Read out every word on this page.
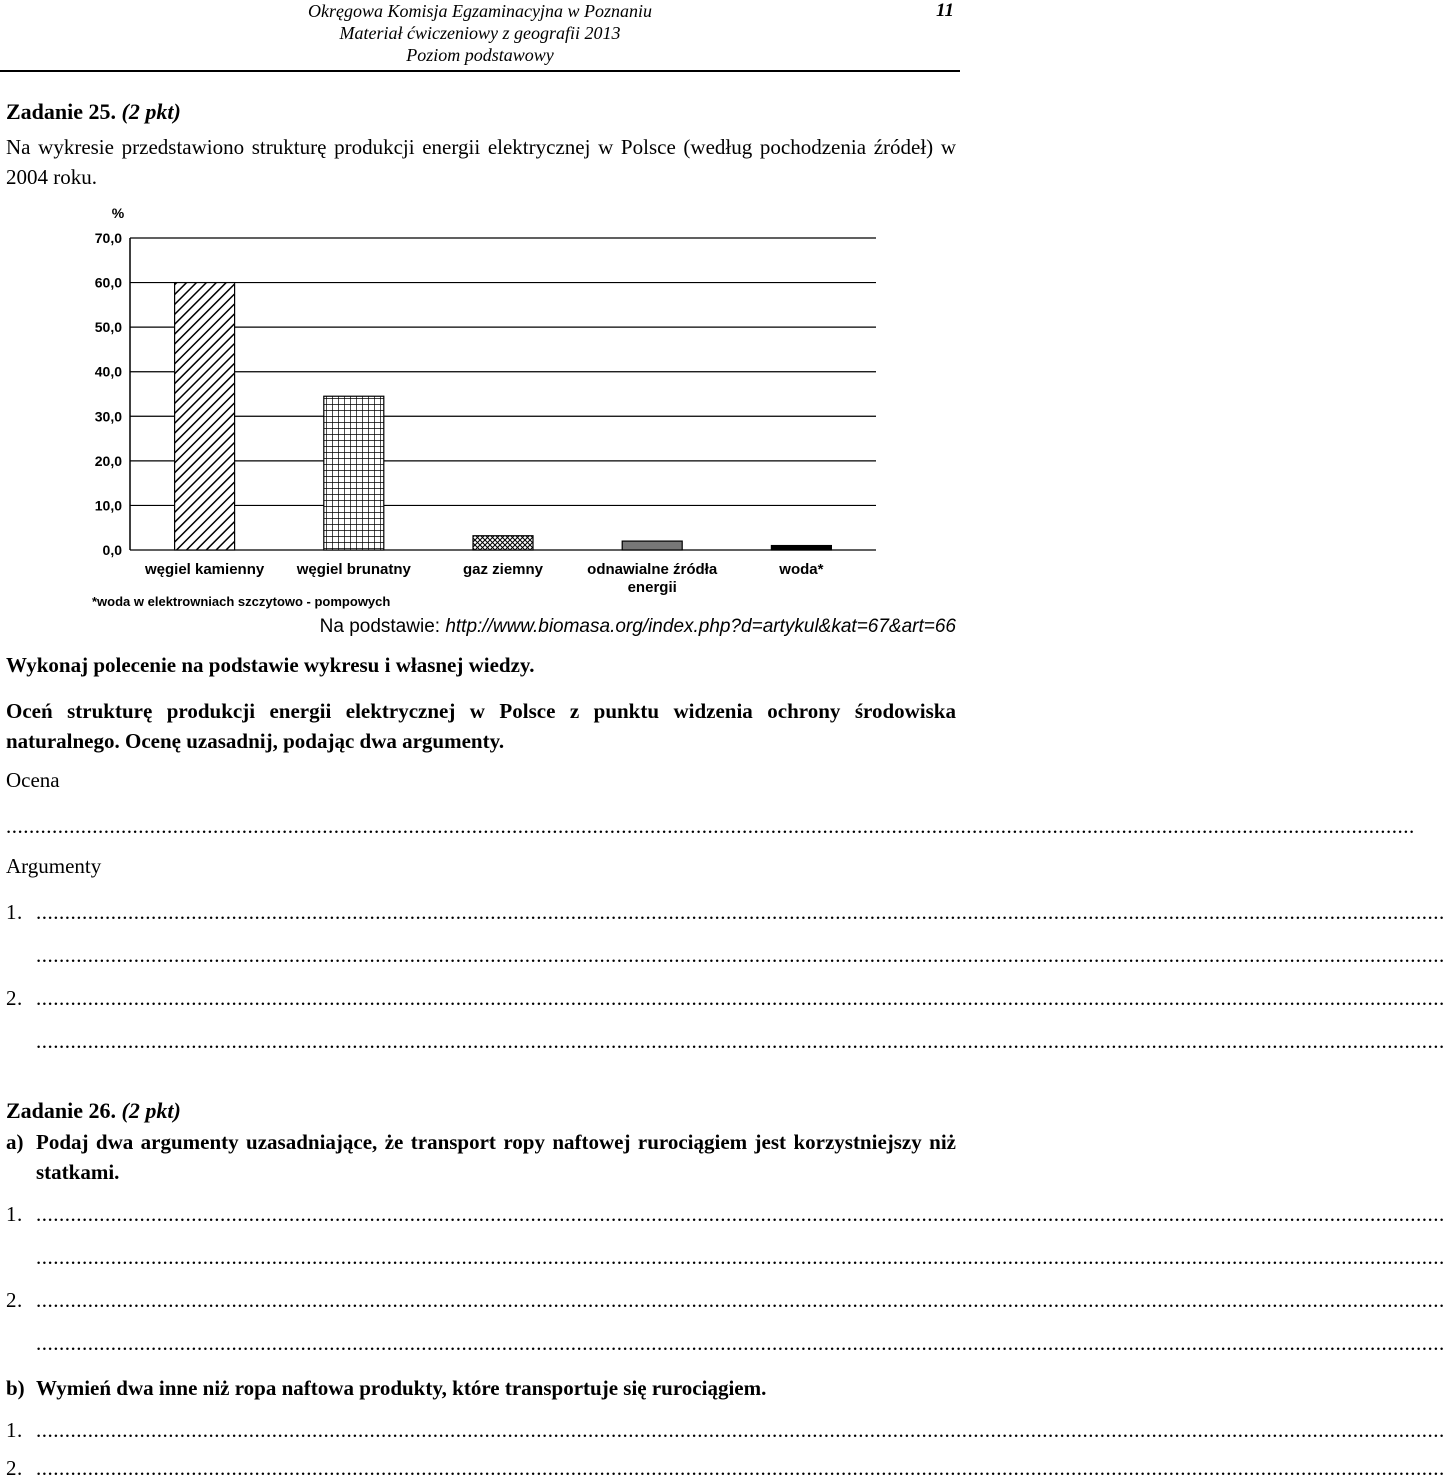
Okręgowa Komisja Egzaminacyjna w Poznaniu
Materiał ćwiczeniowy z geografii 2013
Poziom podstawowy
11
Zadanie 25. (2 pkt)
Na wykresie przedstawiono strukturę produkcji energii elektrycznej w Polsce (według pochodzenia źródeł) w 2004 roku.
%
0,0
10,0
20,0
30,0
40,0
50,0
60,0
70,0
węgiel kamienny węgiel brunatny	gaz ziemny	odnawialne źródła
energii
woda*
*woda w elektrowniach szczytowo - pompowych
Na podstawie: http://www.biomasa.org/index.php?d=artykul&kat=67&art=66
Wykonaj polecenie na podstawie wykresu i własnej wiedzy.
Oceń strukturę produkcji energii elektrycznej w Polsce z punktu widzenia ochrony środowiska naturalnego. Ocenę uzasadnij, podając dwa argumenty.
Ocena
.....................................................................................................................................................................................................................................................
Argumenty
1. .....................................................................................................................................................................................................................................................
.....................................................................................................................................................................................................................................................
2. .....................................................................................................................................................................................................................................................
.....................................................................................................................................................................................................................................................
Zadanie 26. (2 pkt)
a) Podaj dwa argumenty uzasadniające, że transport ropy naftowej rurociągiem jest korzystniejszy niż statkami.
1. .....................................................................................................................................................................................................................................................
.....................................................................................................................................................................................................................................................
2. .....................................................................................................................................................................................................................................................
.....................................................................................................................................................................................................................................................
b) Wymień dwa inne niż ropa naftowa produkty, które transportuje się rurociągiem.
1. .....................................................................................................................................................................................................................................................
2. .....................................................................................................................................................................................................................................................
